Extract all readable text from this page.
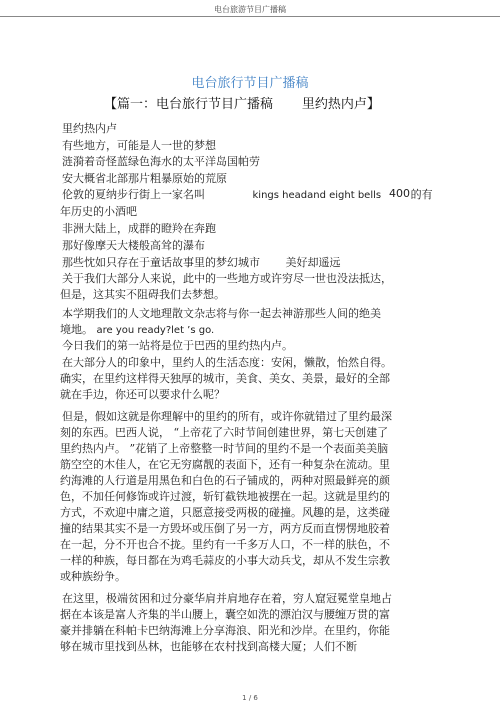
电台旅游节目广播稿
电台旅行节目广播稿
【篇一：电台旅行节目广播稿       里约热内卢】
里约热内卢
有些地方，可能是人一世的梦想
涟漪着奇怪蓝绿色海水的太平洋岛国帕劳
安大概省北部那片粗暴原始的荒原
伦敦的夏纳步行街上一家名叫	kings headand eight bells	的有
400
年历史的小酒吧
非洲大陆上，成群的瞪羚在奔跑
那好像摩天大楼般高耸的瀑布
那些忱如只存在于童话故事里的梦幻城市 美好却遥远
关于我们大部分人来说，此中的一些地方或许穷尽一世也没法抵达，
但是，这其实不阻碍我们去梦想。
本学期我们的人文地理散文杂志将与你一起去神游那些人间的绝美
境地。 are you ready?let ’s go.
今日我们的第一站将是位于巴西的里约热内卢。
在大部分人的印象中，里约人的生活态度：安闲，懒散，怡然自得。
确实，在里约这样得天独厚的城市，美食、美女、美景，最好的全部
就在手边，你还可以要求什么呢？
但是，假如这就是你理解中的里约的所有，或许你就错过了里约最深
刻的东西。巴西人说， “上帝花了六时节间创建世界，第七天创建了
里约热内卢。 ”花销了上帝整整一时节间的里约不是一个表面美美脑
筋空空的木佳人，在它无穷腐靓的表面下，还有一种复杂在流动。里
约海滩的人行道是用黑色和白色的石子铺成的，两种对照最鲜亮的颜
色，不加任何修饰或许过渡，斩钉截铁地被摆在一起。这就是里约的
方式，不欢迎中庸之道，只愿意接受两极的碰撞。风趣的是，这类碰
撞的结果其实不是一方毁坏或压倒了另一方，两方反而直愣愣地胶着
在一起，分不开也合不拢。里约有一千多万人口，不一样的肤色，不
一样的种族，每日都在为鸡毛蒜皮的小事大动兵戈，却从不发生宗教
或种族纷争。
在这里，极端贫困和过分豪华肩并肩地存在着，穷人窟冠冕堂皇地占
据在本该是富人齐集的半山腰上，囊空如洗的漂泊汉与腰缠万贯的富
豪并排躺在科帕卡巴纳海滩上分享海浪、阳光和沙岸。在里约，你能
够在城市里找到丛林，也能够在农村找到高楼大厦；人们不断
1 / 6
